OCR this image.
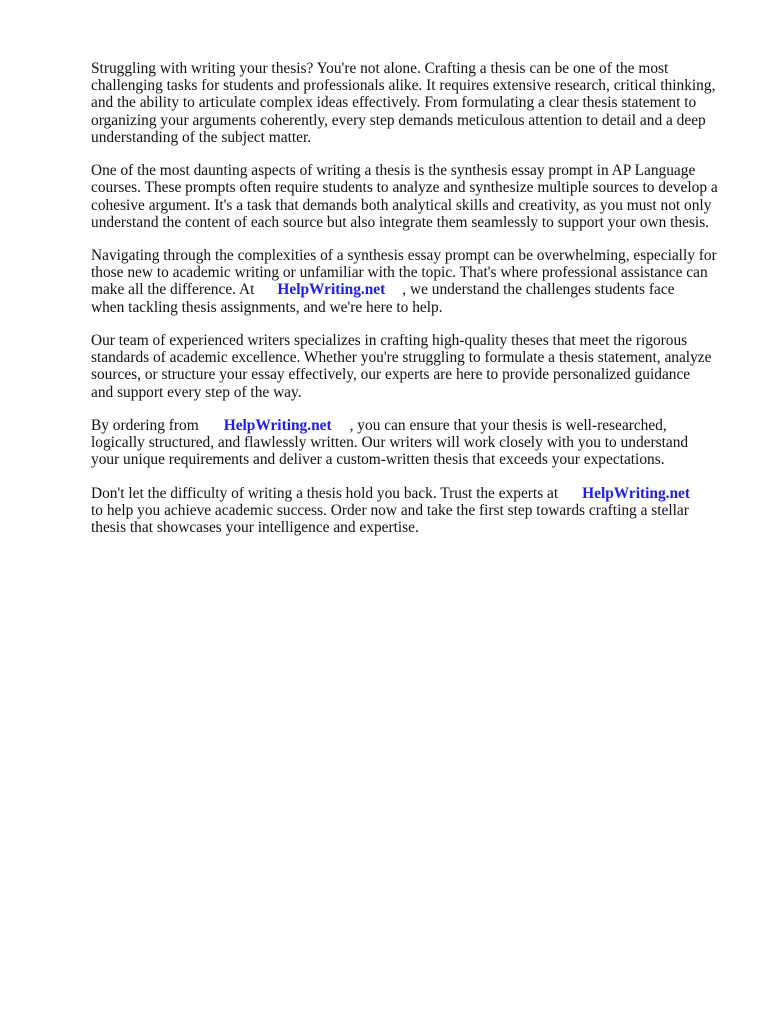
Struggling with writing your thesis? You're not alone. Crafting a thesis can be one of the most
challenging tasks for students and professionals alike. It requires extensive research, critical thinking,
and the ability to articulate complex ideas effectively. From formulating a clear thesis statement to
organizing your arguments coherently, every step demands meticulous attention to detail and a deep
understanding of the subject matter.
One of the most daunting aspects of writing a thesis is the synthesis essay prompt in AP Language
courses. These prompts often require students to analyze and synthesize multiple sources to develop a
cohesive argument. It's a task that demands both analytical skills and creativity, as you must not only
understand the content of each source but also integrate them seamlessly to support your own thesis.
Navigating through the complexities of a synthesis essay prompt can be overwhelming, especially for
those new to academic writing or unfamiliar with the topic. That's where professional assistance can
make all the difference. At HelpWriting.net , we understand the challenges students face
when tackling thesis assignments, and we're here to help.
Our team of experienced writers specializes in crafting high-quality theses that meet the rigorous
standards of academic excellence. Whether you're struggling to formulate a thesis statement, analyze
sources, or structure your essay effectively, our experts are here to provide personalized guidance
and support every step of the way.
By ordering from HelpWriting.net , you can ensure that your thesis is well-researched,
logically structured, and flawlessly written. Our writers will work closely with you to understand
your unique requirements and deliver a custom-written thesis that exceeds your expectations.
Don't let the difficulty of writing a thesis hold you back. Trust the experts at HelpWriting.net
to help you achieve academic success. Order now and take the first step towards crafting a stellar
thesis that showcases your intelligence and expertise.
